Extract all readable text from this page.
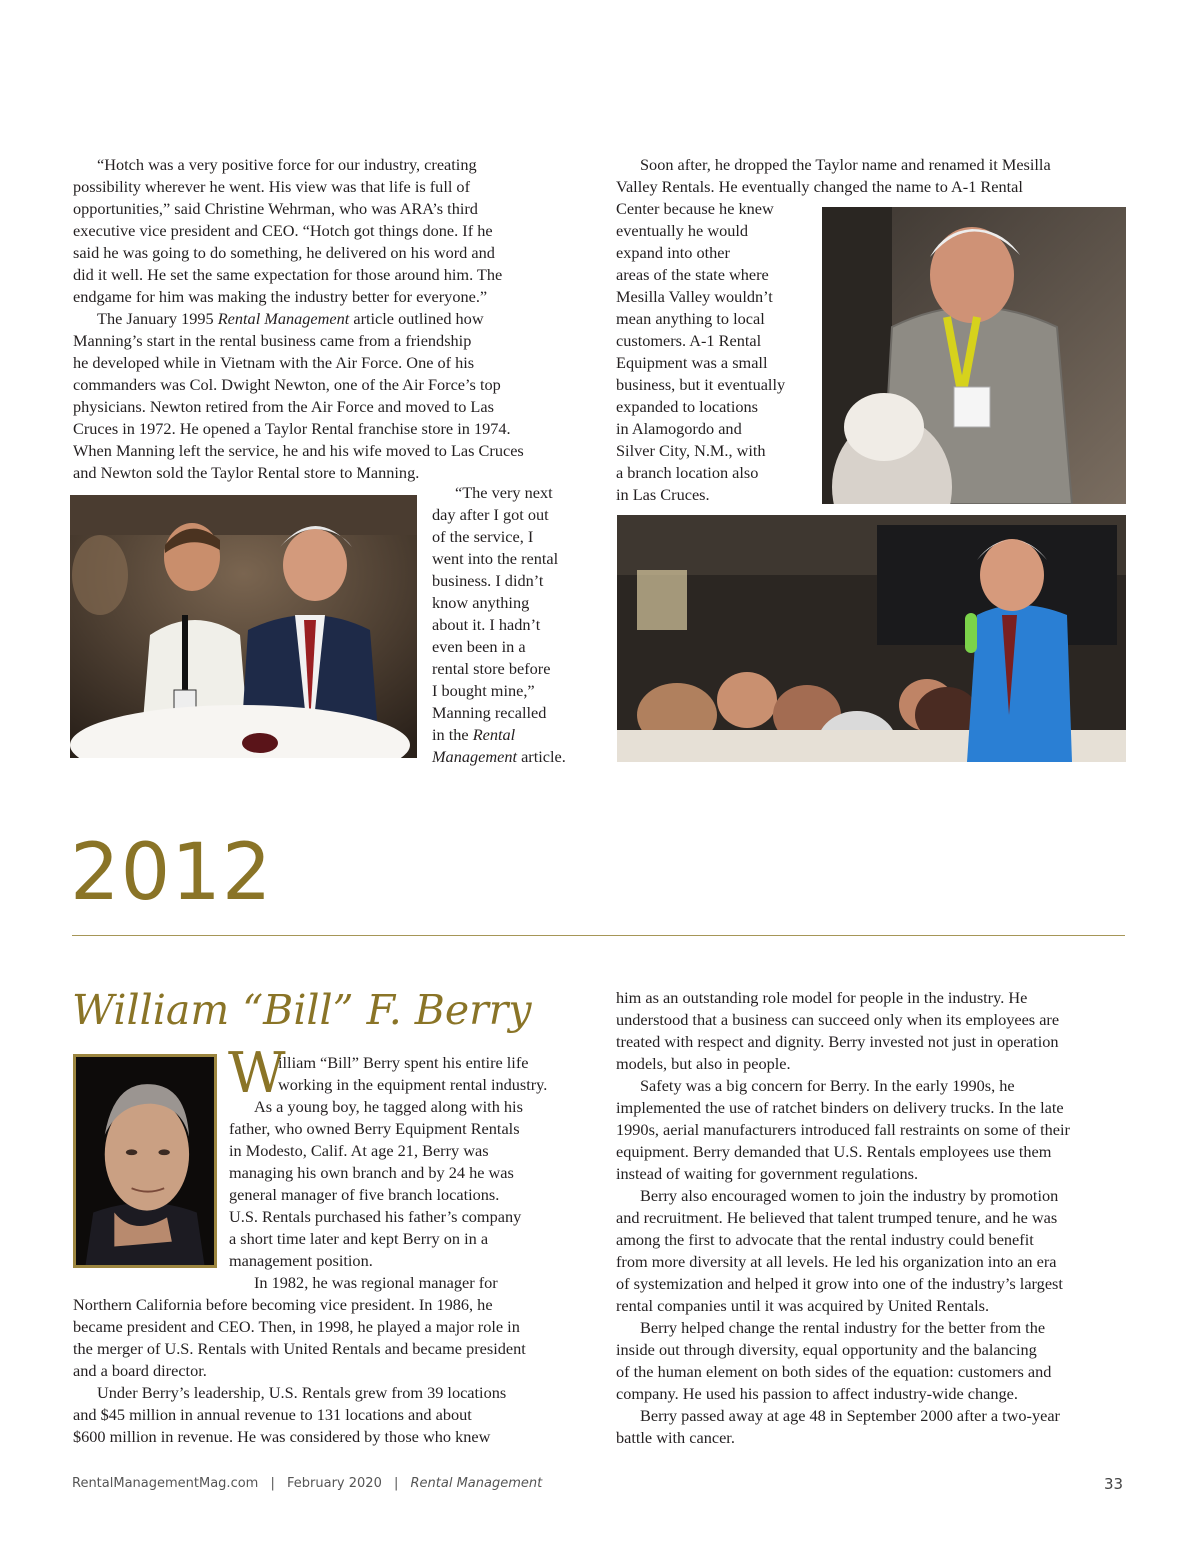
“Hotch was a very positive force for our industry, creating
possibility wherever he went. His view was that life is full of
opportunities,” said Christine Wehrman, who was ARA’s third
executive vice president and CEO. “Hotch got things done. If he
said he was going to do something, he delivered on his word and
did it well. He set the same expectation for those around him. The
endgame for him was making the industry better for everyone.”
The January 1995 Rental Management article outlined how
Manning’s start in the rental business came from a friendship
he developed while in Vietnam with the Air Force. One of his
commanders was Col. Dwight Newton, one of the Air Force’s top
physicians. Newton retired from the Air Force and moved to Las
Cruces in 1972. He opened a Taylor Rental franchise store in 1974.
When Manning left the service, he and his wife moved to Las Cruces
and Newton sold the Taylor Rental store to Manning.
“The very next
day after I got out
of the service, I
went into the rental
business. I didn’t
know anything
about it. I hadn’t
even been in a
rental store before
I bought mine,”
Manning recalled
in the Rental
Management article.
Soon after, he dropped the Taylor name and renamed it Mesilla
Valley Rentals. He eventually changed the name to A-1 Rental
Center because he knew
eventually he would
expand into other
areas of the state where
Mesilla Valley wouldn’t
mean anything to local
customers. A-1 Rental
Equipment was a small
business, but it eventually
expanded to locations
in Alamogordo and
Silver City, N.M., with
a branch location also
in Las Cruces.
2012
William “Bill” F. Berry
W
illiam “Bill” Berry spent his entire life
working in the equipment rental industry.
As a young boy, he tagged along with his
father, who owned Berry Equipment Rentals
in Modesto, Calif. At age 21, Berry was
managing his own branch and by 24 he was
general manager of five branch locations.
U.S. Rentals purchased his father’s company
a short time later and kept Berry on in a
management position.
In 1982, he was regional manager for
Northern California before becoming vice president. In 1986, he
became president and CEO. Then, in 1998, he played a major role in
the merger of U.S. Rentals with United Rentals and became president
and a board director.
Under Berry’s leadership, U.S. Rentals grew from 39 locations
and $45 million in annual revenue to 131 locations and about
$600 million in revenue. He was considered by those who knew
him as an outstanding role model for people in the industry. He
understood that a business can succeed only when its employees are
treated with respect and dignity. Berry invested not just in operation
models, but also in people.
Safety was a big concern for Berry. In the early 1990s, he
implemented the use of ratchet binders on delivery trucks. In the late
1990s, aerial manufacturers introduced fall restraints on some of their
equipment. Berry demanded that U.S. Rentals employees use them
instead of waiting for government regulations.
Berry also encouraged women to join the industry by promotion
and recruitment. He believed that talent trumped tenure, and he was
among the first to advocate that the rental industry could benefit
from more diversity at all levels. He led his organization into an era
of systemization and helped it grow into one of the industry’s largest
rental companies until it was acquired by United Rentals.
Berry helped change the rental industry for the better from the
inside out through diversity, equal opportunity and the balancing
of the human element on both sides of the equation: customers and
company. He used his passion to affect industry-wide change.
Berry passed away at age 48 in September 2000 after a two-year
battle with cancer.
RentalManagementMag.com | February 2020 | Rental Management	33
